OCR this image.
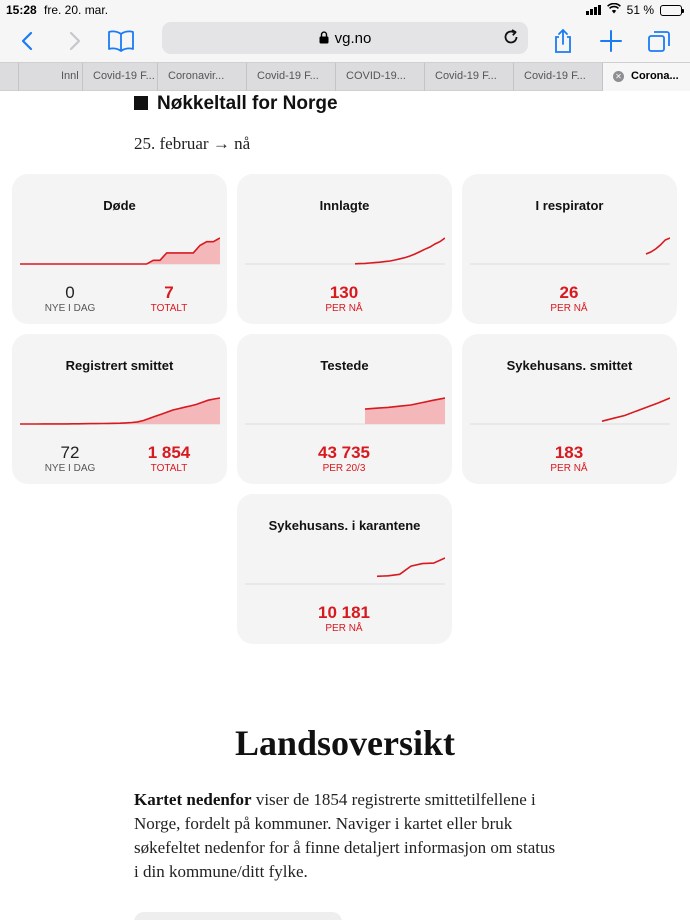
15:28 fre. 20. mar.	51 %
vg.no
Innl	Covid-19 F...	Coronavir...	Covid-19 F...	COVID-19...	Covid-19 F...	Covid-19 F...	✕ Corona...
Nøkkeltall for Norge
25. februar → nå
Døde
0
NYE I DAG
7
TOTALT
Innlagte
130
PER NÅ
I respirator
26
PER NÅ
Registrert smittet
72
NYE I DAG
1 854
TOTALT
Testede
43 735
PER 20/3
Sykehusans. smittet
183
PER NÅ
Sykehusans. i karantene
10 181
PER NÅ
Landsoversikt

Kartet nedenfor viser de 1854 registrerte smittetilfellene i Norge, fordelt på kommuner. Naviger i kartet eller bruk søkefeltet nedenfor for å finne detaljert informasjon om status i din kommune/ditt fylke.
